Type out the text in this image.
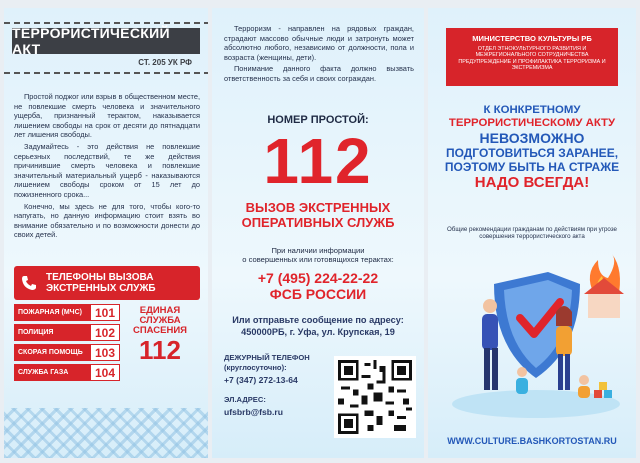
ТЕРРОРИСТИЧЕСКИЙ АКТ
СТ. 205 УК РФ

Простой поджог или взрыв в общественном месте, не повлекшие смерть человека и значительного ущерба, признанный терактом, наказывается лишением свободы на срок от десяти до пятнадцати лет лишения свободы.

Задумайтесь - это действия не повлекшие серьезных последствий, те же действия причинившие смерть человека и повлекшие значительный материальный ущерб - наказываются лишением свободы сроком от 15 лет до пожизненного срока...

Конечно, мы здесь не для того, чтобы кого-то напугать, но данную информацию стоит взять во внимание обязательно и по возможности донести до своих детей.

ТЕЛЕФОНЫ ВЫЗОВА
ЭКСТРЕННЫХ СЛУЖБ
ПОЖАРНАЯ (МЧС)	101
ПОЛИЦИЯ	102
СКОРАЯ ПОМОЩЬ	103
СЛУЖБА ГАЗА	104
ЕДИНАЯ
СЛУЖБА
СПАСЕНИЯ
112

Терроризм - направлен на рядовых граждан, страдают массово обычные люди и затронуть может абсолютно любого, независимо от должности, пола и возраста (женщины, дети).

Понимание данного факта должно вызвать ответственность за себя и своих сограждан.

НОМЕР ПРОСТОЙ:
112
ВЫЗОВ ЭКСТРЕННЫХ
ОПЕРАТИВНЫХ СЛУЖБ
При наличии информации
о совершенных или готовящихся терактах:
+7 (495) 224-22-22
ФСБ РОССИИ
Или отправьте сообщение по адресу:
450000РБ, г. Уфа, ул. Крупская, 19
ДЕЖУРНЫЙ ТЕЛЕФОН
(круглосуточно):
+7 (347) 272-13-64
ЭЛ.АДРЕС:
ufsbrb@fsb.ru
МИНИСТЕРСТВО КУЛЬТУРЫ РБ
ОТДЕЛ ЭТНОКУЛЬТУРНОГО РАЗВИТИЯ И МЕЖРЕГИОНАЛЬНОГО СОТРУДНИЧЕСТВА ПРЕДУПРЕЖДЕНИЕ И ПРОФИЛАКТИКА ТЕРРОРИЗМА И ЭКСТРЕМИЗМА
К КОНКРЕТНОМУ
ТЕРРОРИСТИЧЕСКОМУ АКТУ
НЕВОЗМОЖНО
ПОДГОТОВИТЬСЯ ЗАРАНЕЕ,
ПОЭТОМУ БЫТЬ НА СТРАЖЕ
НАДО ВСЕГДА!
Общие рекомендации гражданам по действиям при угрозе совершения террористического акта
WWW.CULTURE.BASHKORTOSTAN.RU
